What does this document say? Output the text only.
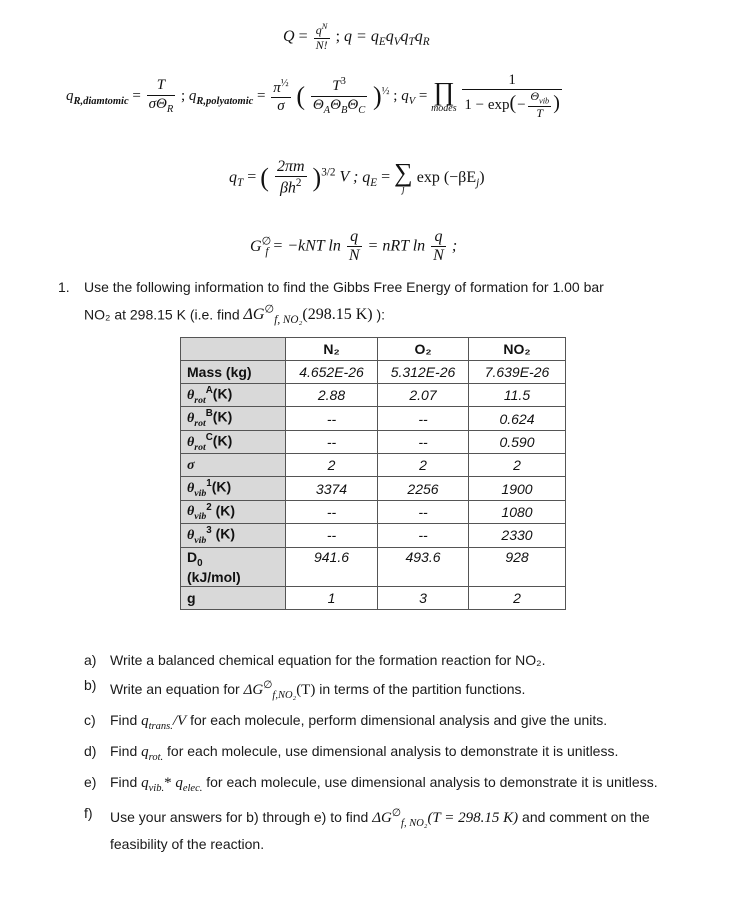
$Q = \frac{q^N}{N!}$ ; $q = q_Eq_Vq_Tq_R$
$q_{R,diamtomic} = \frac{T}{\sigma\Theta_R}$ ; $q_{R,polyatomic} = \frac{\pi^{\frac{1}{2}}}{\sigma}$ ( $\frac{T^3}{\Theta_A\Theta_B\Theta_C} )^{\frac{1}{2}}$ ; $q_V$ = ∏
modes
$\frac{1}{1 - \exp(- \frac{\Theta_{vib}}{T} )}$
$q_T$ = ( $\frac{2\pi m}{\beta h^2} )^{3/2}$ V ; $q_E$ = ∑
j
$\exp (-\beta E_j)$
$G^\emptyset_f = -kNT$ $\ln \frac{q}{N}$ = nRT $\ln \frac{q}{N}$ ;
1. Use the following information to find the Gibbs Free Energy of formation for 1.00 bar
NO₂ at 298.15 K (i.e. find $\Delta G^\emptyset_{f, NO_2}(298.15$ K) ):
	N₂	O₂	NO₂
Mass (kg)	4.652E-26	5.312E-26	7.639E-26
$\theta_{rot}^A(K)$	2.88	2.07	11.5
$\theta_{rot}^B(K)$	--	--	0.624
$\theta_{rot}^C(K)$	--	--	0.590
σ	2	2	2
$\theta_{vib}^1(K)$	3374	2256	1900
$\theta_{vib}^2$ (K)	--	--	1080
$\theta_{vib}^3$ (K)	--	--	2330
$D_0$
(kJ/mol)	941.6	493.6	928
g	1	3	2
a) Write a balanced chemical equation for the formation reaction for NO₂.
b) Write an equation for $\Delta G^\emptyset_{f,NO_2}(T)$ in terms of the partition functions.
c) Find $q_{trans.}/V$ for each molecule, perform dimensional analysis and give the units.
d) Find $q_{rot.}$ for each molecule, use dimensional analysis to demonstrate it is unitless.
e) Find $q_{vib.}*$ $q_{elec.}$ for each molecule, use dimensional analysis to demonstrate it is unitless.
f) Use your answers for b) through e) to find $\Delta G^\emptyset_{f, NO_2}(T = 298.15$ K) and comment on the feasibility of the reaction.
